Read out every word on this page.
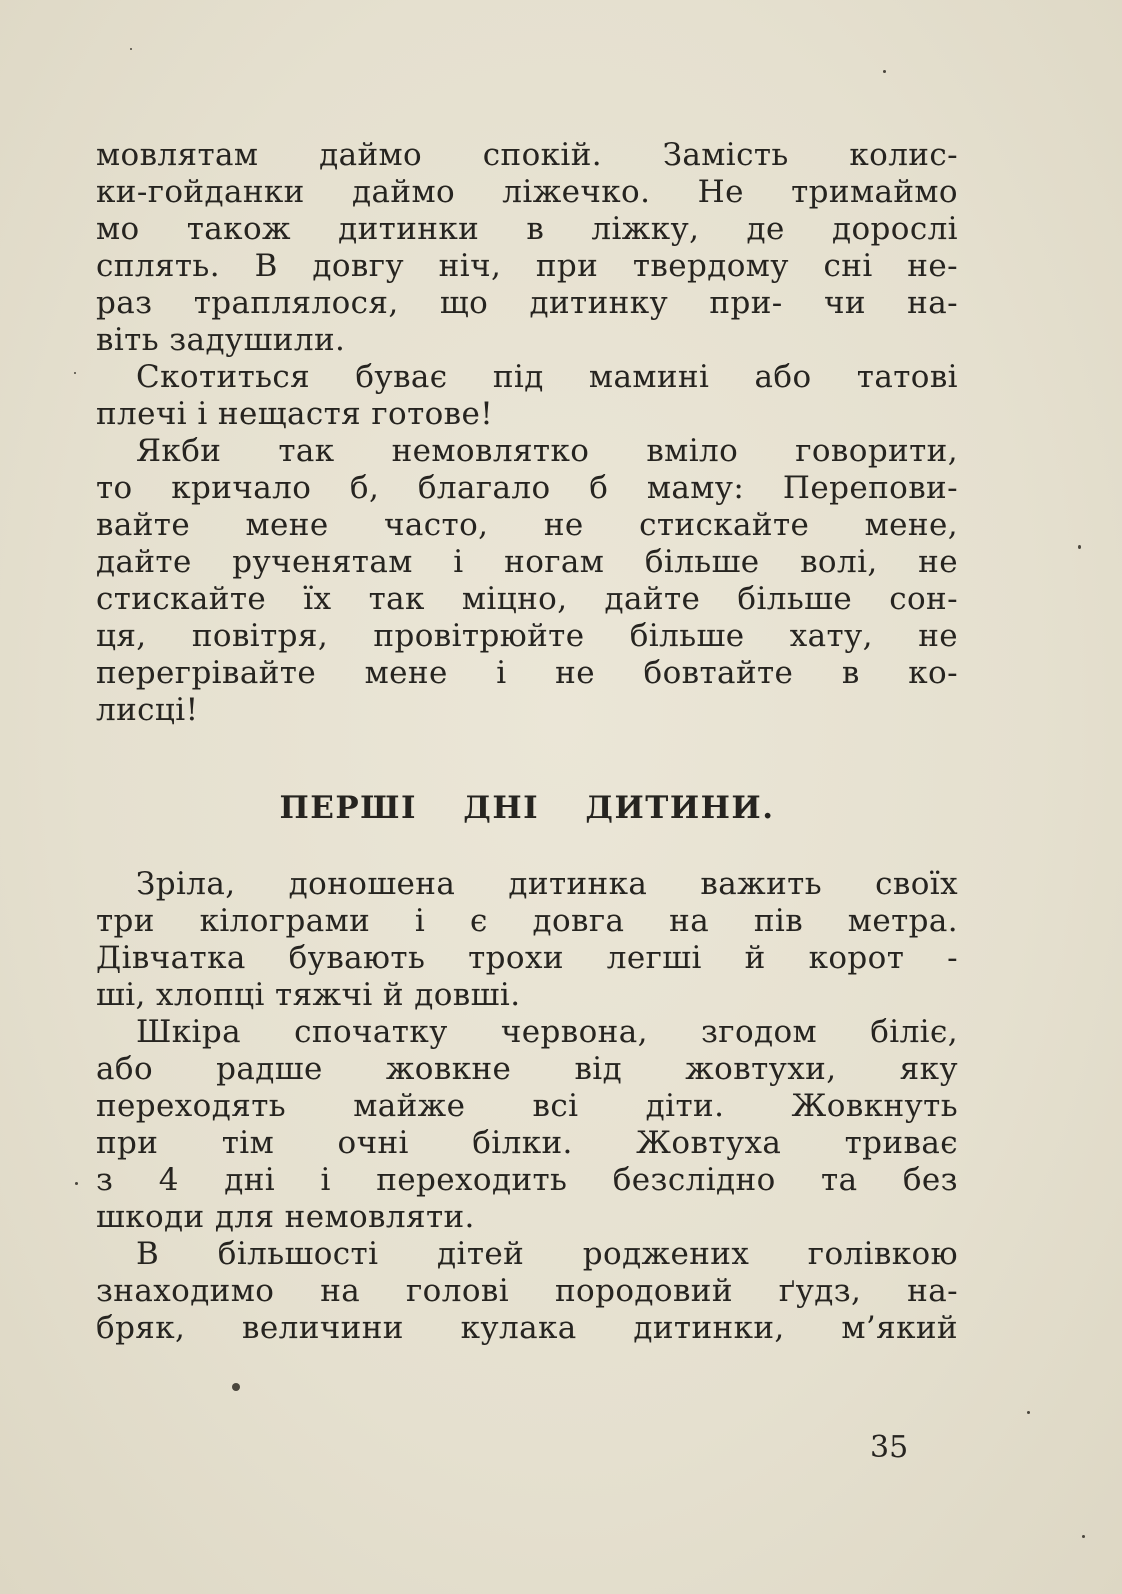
мовлятам даймо спокій. Замість колис-
ки-гойданки даймо ліжечко. Не тримаймо
мо також дитинки в ліжку, де дорослі
сплять. В довгу ніч, при твердому сні не-
раз траплялося, що дитинку при- чи на-
віть задушили.
Скотиться буває під мамині або татові
плечі і нещастя готове!
Якби так немовлятко вміло говорити,
то кричало б, благало б маму: Перепови-
вайте мене часто, не стискайте мене,
дайте рученятам і ногам більше волі, не
стискайте їх так міцно, дайте більше сон-
ця, повітря, провітрюйте більше хату, не
перегрівайте мене і не бовтайте в ко-
лисці!
ПЕРШІ ДНІ ДИТИНИ.
Зріла, доношена дитинка важить своїх
три кілограми і є довга на пів метра.
Дівчатка бувають трохи легші й корот -
ші, хлопці тяжчі й довші.
Шкіра спочатку червона, згодом біліє,
або радше жовкне від жовтухи, яку
переходять майже всі діти. Жовкнуть
при тім очні білки. Жовтуха триває
з 4 дні і переходить безслідно та без
шкоди для немовляти.
В більшості дітей роджених голівкою
знаходимо на голові породовий ґудз, на-
бряк, величини кулака дитинки, м’який
35
